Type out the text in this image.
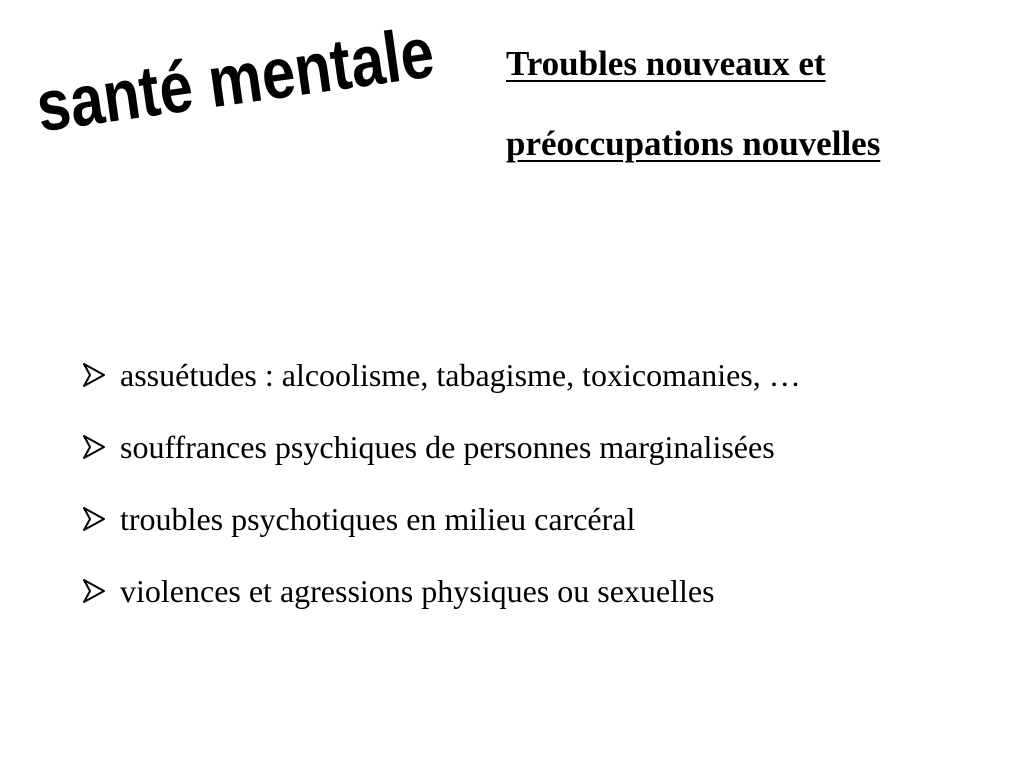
santé mentale
Troubles nouveaux et
préoccupations nouvelles
assuétudes : alcoolisme, tabagisme, toxicomanies, …
souffrances psychiques de personnes marginalisées
troubles psychotiques en milieu carcéral
violences et agressions physiques ou sexuelles
